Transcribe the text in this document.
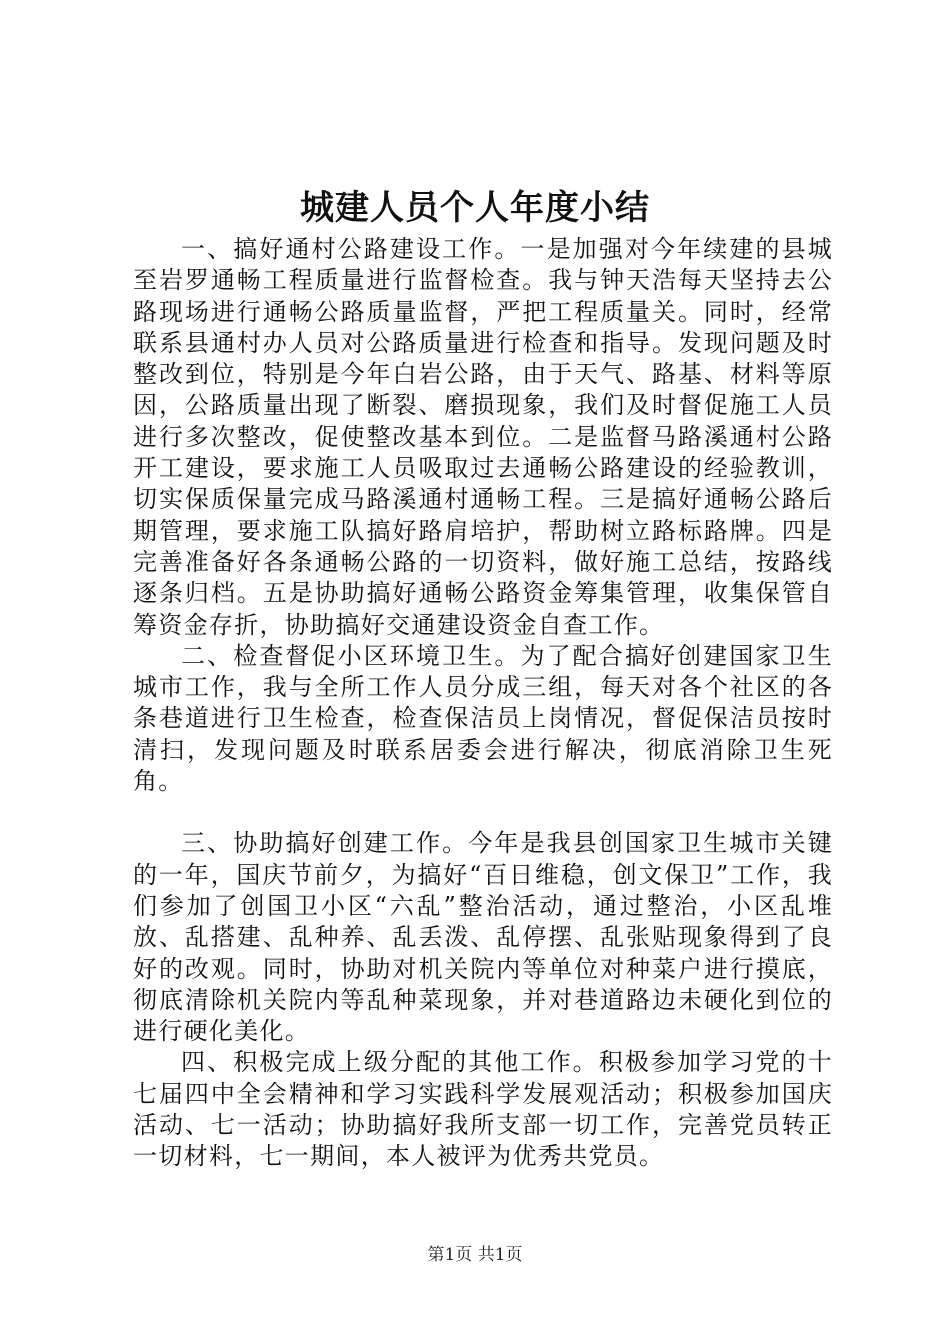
城建人员个人年度小结

一、搞好通村公路建设工作。一是加强对今年续建的县城至岩罗通畅工程质量进行监督检查。我与钟天浩每天坚持去公路现场进行通畅公路质量监督，严把工程质量关。同时，经常联系县通村办人员对公路质量进行检查和指导。发现问题及时整改到位，特别是今年白岩公路，由于天气、路基、材料等原因，公路质量出现了断裂、磨损现象，我们及时督促施工人员进行多次整改，促使整改基本到位。二是监督马路溪通村公路开工建设，要求施工人员吸取过去通畅公路建设的经验教训，切实保质保量完成马路溪通村通畅工程。三是搞好通畅公路后期管理，要求施工队搞好路肩培护，帮助树立路标路牌。四是完善准备好各条通畅公路的一切资料，做好施工总结，按路线逐条归档。五是协助搞好通畅公路资金筹集管理，收集保管自筹资金存折，协助搞好交通建设资金自查工作。

二、检查督促小区环境卫生。为了配合搞好创建国家卫生城市工作，我与全所工作人员分成三组，每天对各个社区的各条巷道进行卫生检查，检查保洁员上岗情况，督促保洁员按时清扫，发现问题及时联系居委会进行解决，彻底消除卫生死角。

三、协助搞好创建工作。今年是我县创国家卫生城市关键的一年，国庆节前夕，为搞好“百日维稳，创文保卫”工作，我们参加了创国卫小区“六乱”整治活动，通过整治，小区乱堆放、乱搭建、乱种养、乱丢泼、乱停摆、乱张贴现象得到了良好的改观。同时，协助对机关院内等单位对种菜户进行摸底，彻底清除机关院内等乱种菜现象，并对巷道路边未硬化到位的进行硬化美化。

四、积极完成上级分配的其他工作。积极参加学习党的十七届四中全会精神和学习实践科学发展观活动；积极参加国庆活动、七一活动；协助搞好我所支部一切工作，完善党员转正一切材料，七一期间，本人被评为优秀共党员。

第1页 共1页
